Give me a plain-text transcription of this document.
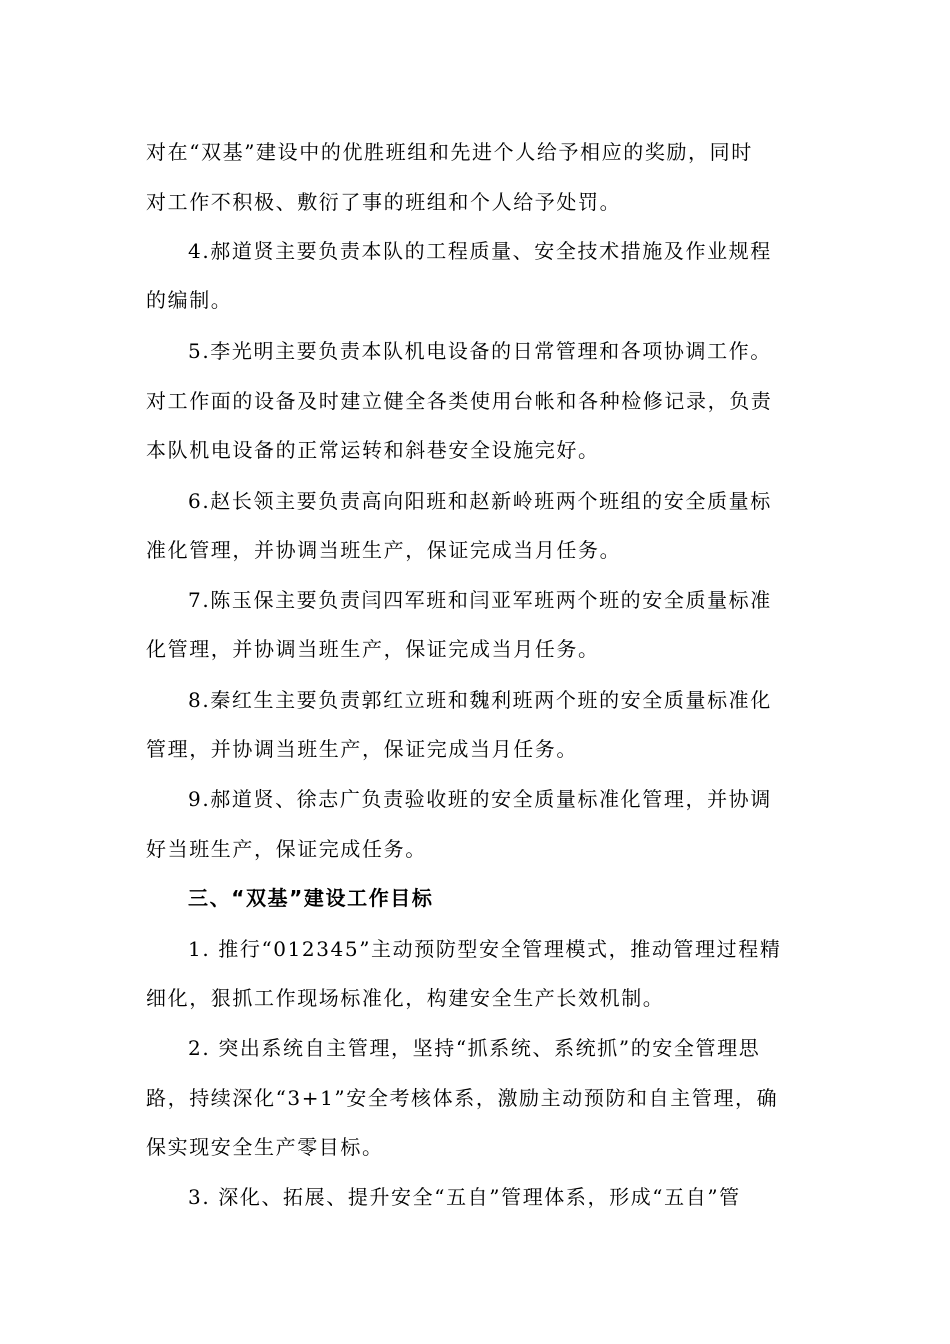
对在“双基”建设中的优胜班组和先进个人给予相应的奖励，同时
对工作不积极、敷衍了事的班组和个人给予处罚。
4.郝道贤主要负责本队的工程质量、安全技术措施及作业规程
的编制。
5.李光明主要负责本队机电设备的日常管理和各项协调工作。
对工作面的设备及时建立健全各类使用台帐和各种检修记录，负责
本队机电设备的正常运转和斜巷安全设施完好。
6.赵长领主要负责高向阳班和赵新岭班两个班组的安全质量标
准化管理，并协调当班生产，保证完成当月任务。
7.陈玉保主要负责闫四军班和闫亚军班两个班的安全质量标准
化管理，并协调当班生产，保证完成当月任务。
8.秦红生主要负责郭红立班和魏利班两个班的安全质量标准化
管理，并协调当班生产，保证完成当月任务。
9.郝道贤、徐志广负责验收班的安全质量标准化管理，并协调
好当班生产，保证完成任务。
三、“双基”建设工作目标
1. 推行“012345”主动预防型安全管理模式，推动管理过程精
细化，狠抓工作现场标准化，构建安全生产长效机制。
2. 突出系统自主管理，坚持“抓系统、系统抓”的安全管理思
路，持续深化“3+1”安全考核体系，激励主动预防和自主管理，确
保实现安全生产零目标。
3. 深化、拓展、提升安全“五自”管理体系，形成“五自”管
